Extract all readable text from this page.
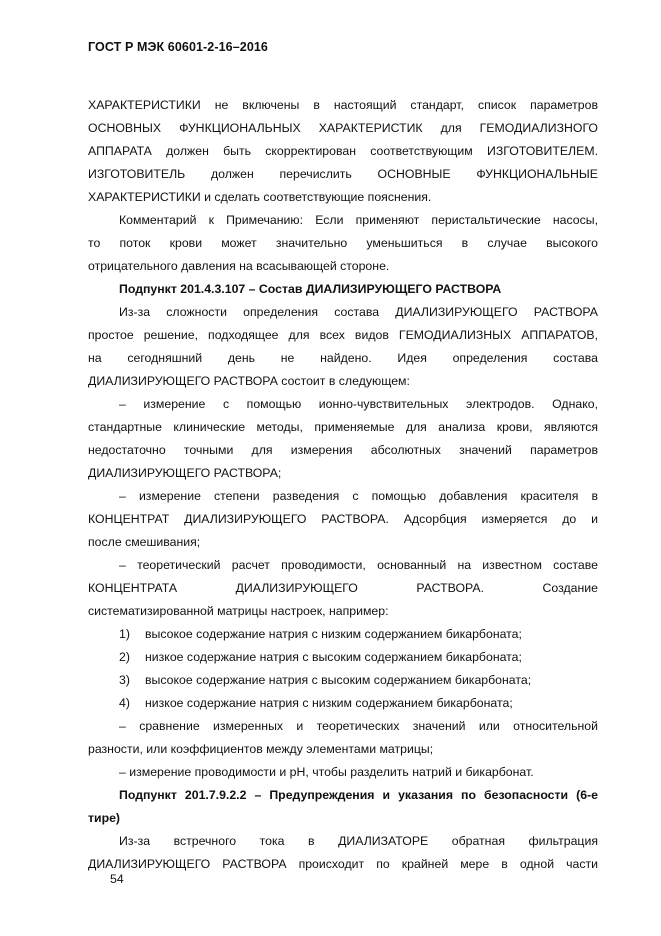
ГОСТ Р МЭК 60601-2-16–2016
ХАРАКТЕРИСТИКИ не включены в настоящий стандарт, список параметров
ОСНОВНЫХ ФУНКЦИОНАЛЬНЫХ ХАРАКТЕРИСТИК для ГЕМОДИАЛИЗНОГО
АППАРАТА должен быть скорректирован соответствующим ИЗГОТОВИТЕЛЕМ.
ИЗГОТОВИТЕЛЬ должен перечислить ОСНОВНЫЕ ФУНКЦИОНАЛЬНЫЕ
ХАРАКТЕРИСТИКИ и сделать соответствующие пояснения.
Комментарий к Примечанию: Если применяют перистальтические насосы,
то поток крови может значительно уменьшиться в случае высокого
отрицательного давления на всасывающей стороне.
Подпункт 201.4.3.107 – Состав ДИАЛИЗИРУЮЩЕГО РАСТВОРА
Из-за сложности определения состава ДИАЛИЗИРУЮЩЕГО РАСТВОРА
простое решение, подходящее для всех видов ГЕМОДИАЛИЗНЫХ АППАРАТОВ,
на сегодняшний день не найдено. Идея определения состава
ДИАЛИЗИРУЮЩЕГО РАСТВОРА состоит в следующем:
– измерение с помощью ионно-чувствительных электродов. Однако,
стандартные клинические методы, применяемые для анализа крови, являются
недостаточно точными для измерения абсолютных значений параметров
ДИАЛИЗИРУЮЩЕГО РАСТВОРА;
– измерение степени разведения с помощью добавления красителя в
КОНЦЕНТРАТ ДИАЛИЗИРУЮЩЕГО РАСТВОРА. Адсорбция измеряется до и
после смешивания;
– теоретический расчет проводимости, основанный на известном составе
КОНЦЕНТРАТА ДИАЛИЗИРУЮЩЕГО РАСТВОРА. Создание
систематизированной матрицы настроек, например:
1) высокое содержание натрия с низким содержанием бикарбоната;
2) низкое содержание натрия с высоким содержанием бикарбоната;
3) высокое содержание натрия с высоким содержанием бикарбоната;
4) низкое содержание натрия с низким содержанием бикарбоната;
– сравнение измеренных и теоретических значений или относительной
разности, или коэффициентов между элементами матрицы;
– измерение проводимости и pH, чтобы разделить натрий и бикарбонат.
Подпункт 201.7.9.2.2 – Предупреждения и указания по безопасности (6-е
тире)
Из-за встречного тока в ДИАЛИЗАТОРЕ обратная фильтрация
ДИАЛИЗИРУЮЩЕГО РАСТВОРА происходит по крайней мере в одной части
54
